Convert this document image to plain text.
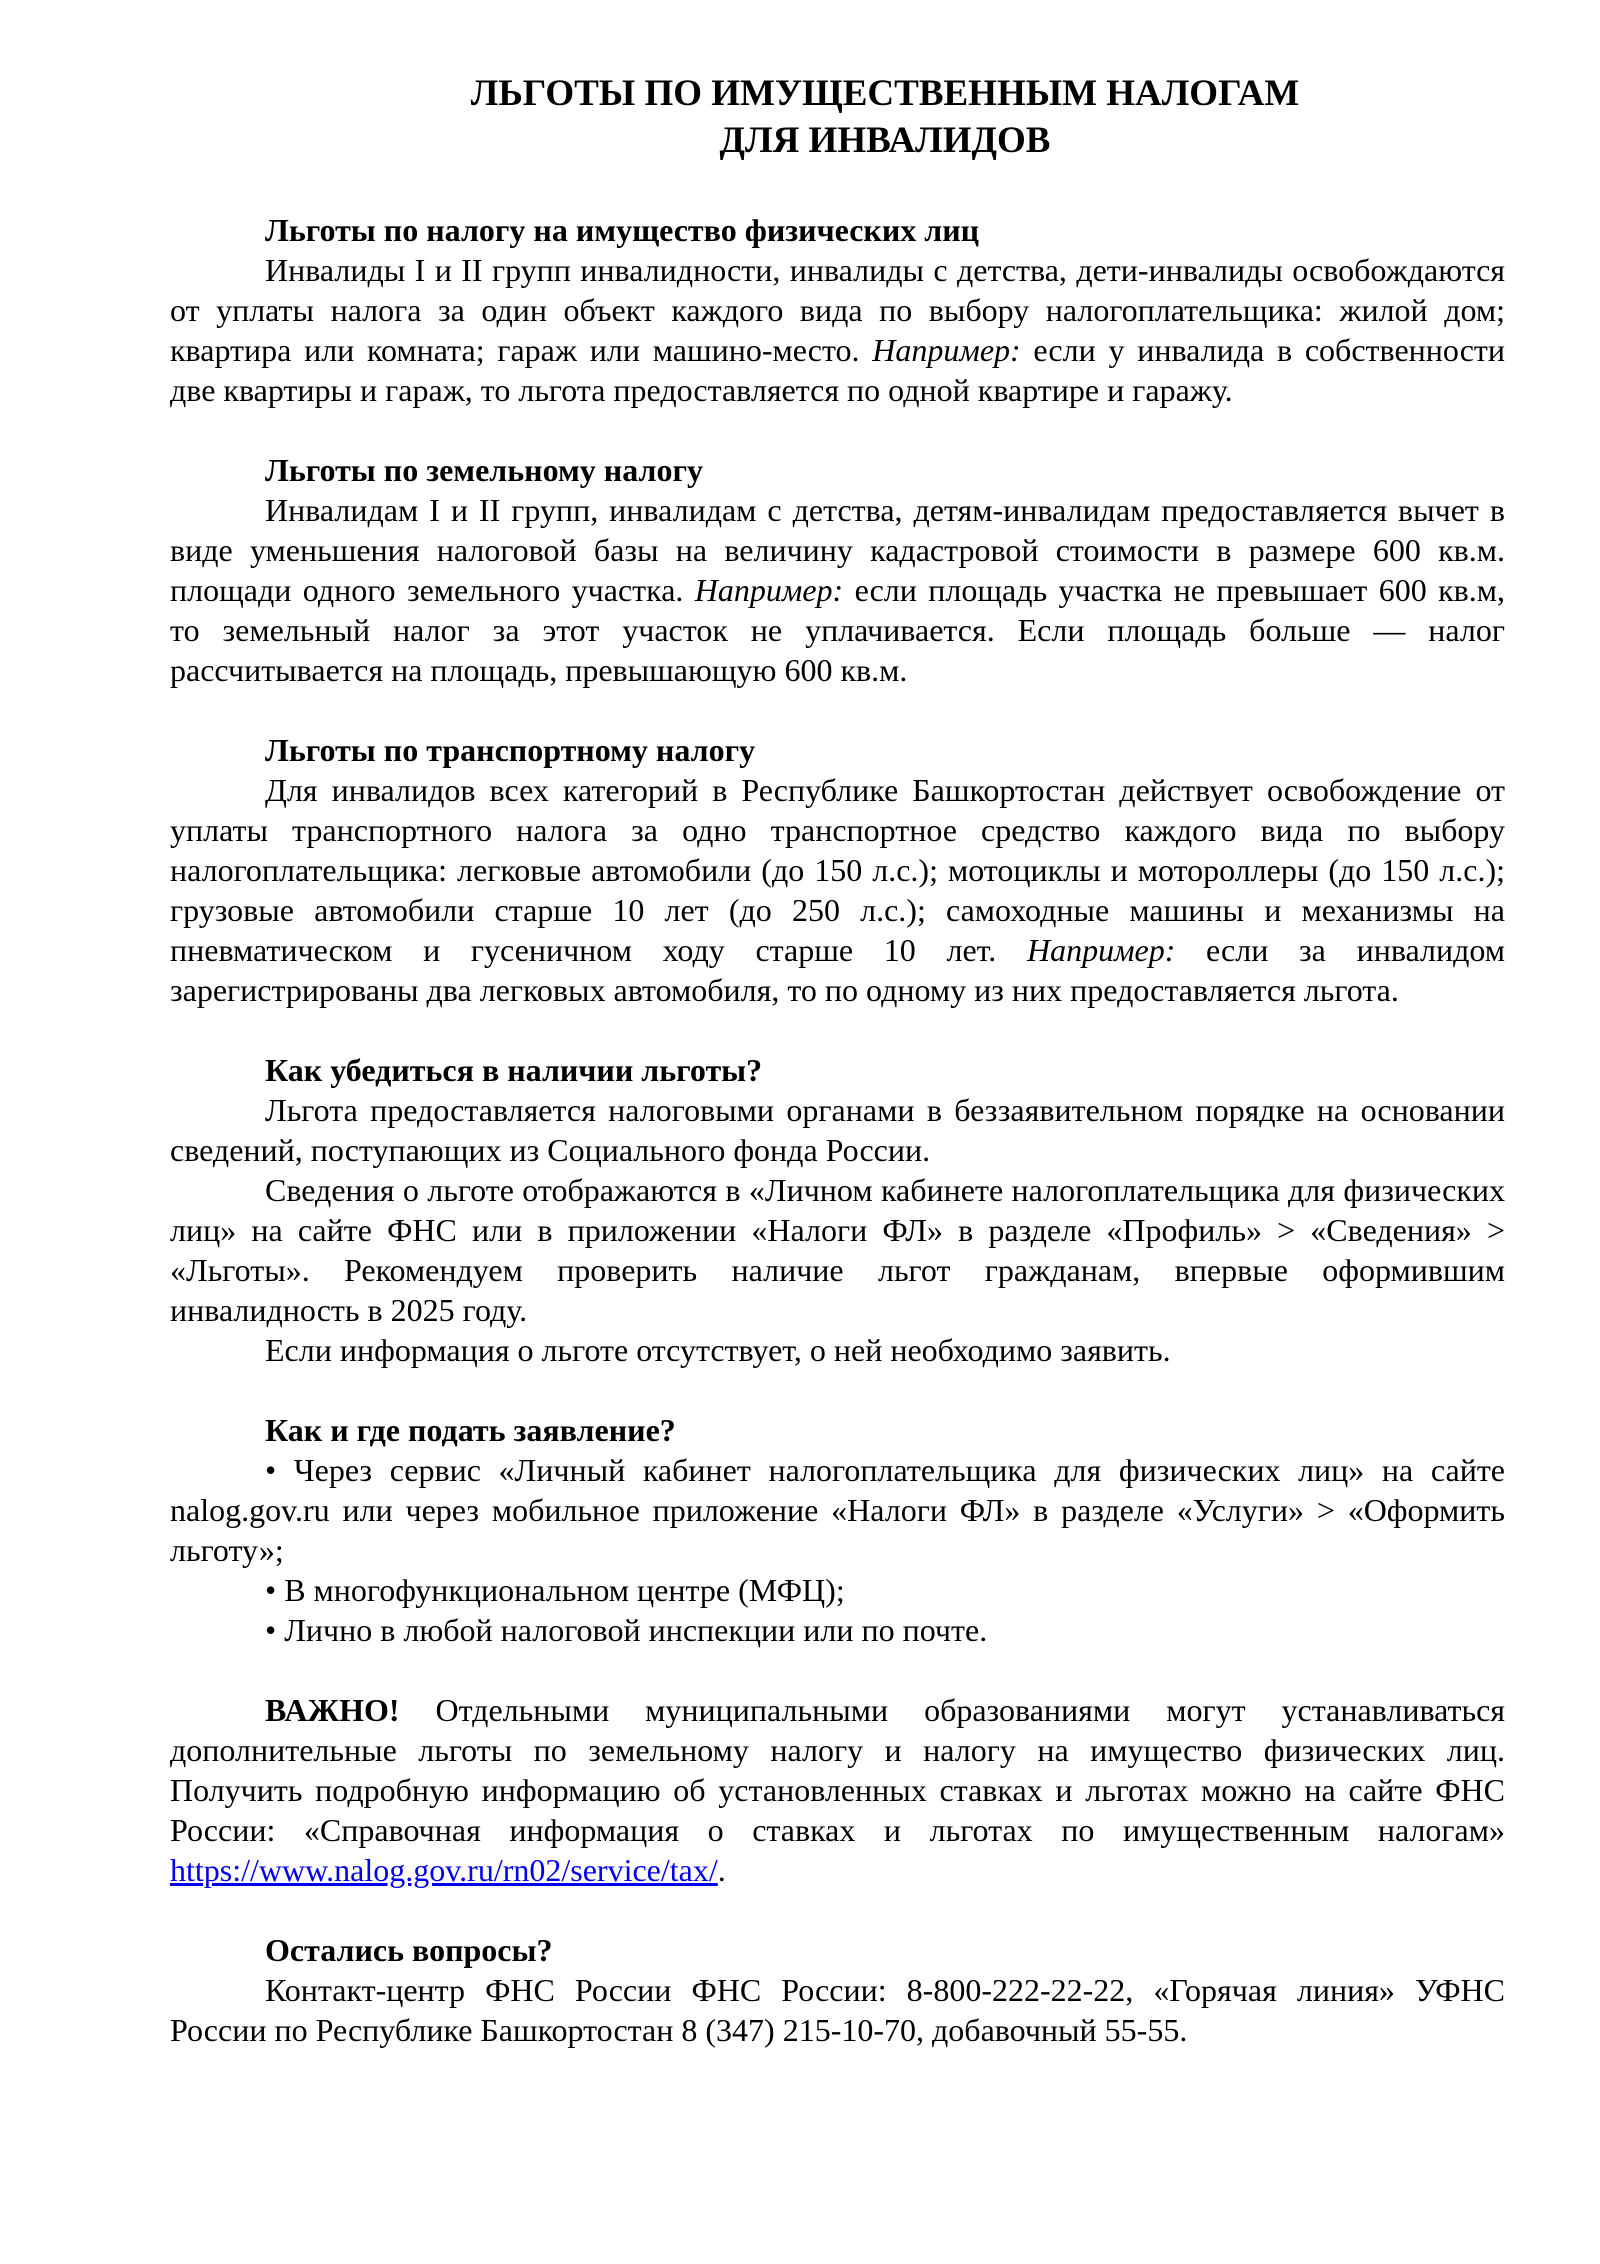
ЛЬГОТЫ ПО ИМУЩЕСТВЕННЫМ НАЛОГАМ
ДЛЯ ИНВАЛИДОВ

Льготы по налогу на имущество физических лиц

Инвалиды I и II групп инвалидности, инвалиды с детства, дети-инвалиды освобождаются от уплаты налога за один объект каждого вида по выбору налогоплательщика: жилой дом; квартира или комната; гараж или машино-место. Например: если у инвалида в собственности две квартиры и гараж, то льгота предоставляется по одной квартире и гаражу.

Льготы по земельному налогу

Инвалидам I и II групп, инвалидам с детства, детям-инвалидам предоставляется вычет в виде уменьшения налоговой базы на величину кадастровой стоимости в размере 600 кв.м. площади одного земельного участка. Например: если площадь участка не превышает 600 кв.м, то земельный налог за этот участок не уплачивается. Если площадь больше — налог рассчитывается на площадь, превышающую 600 кв.м.

Льготы по транспортному налогу

Для инвалидов всех категорий в Республике Башкортостан действует освобождение от уплаты транспортного налога за одно транспортное средство каждого вида по выбору налогоплательщика: легковые автомобили (до 150 л.с.); мотоциклы и мотороллеры (до 150 л.с.); грузовые автомобили старше 10 лет (до 250 л.с.); самоходные машины и механизмы на пневматическом и гусеничном ходу старше 10 лет. Например: если за инвалидом зарегистрированы два легковых автомобиля, то по одному из них предоставляется льгота.

Как убедиться в наличии льготы?

Льгота предоставляется налоговыми органами в беззаявительном порядке на основании сведений, поступающих из Социального фонда России.

Сведения о льготе отображаются в «Личном кабинете налогоплательщика для физических лиц» на сайте ФНС или в приложении «Налоги ФЛ» в разделе «Профиль» > «Сведения» > «Льготы». Рекомендуем проверить наличие льгот гражданам, впервые оформившим инвалидность в 2025 году.

Если информация о льготе отсутствует, о ней необходимо заявить.

Как и где подать заявление?

• Через сервис «Личный кабинет налогоплательщика для физических лиц» на сайте nalog.gov.ru или через мобильное приложение «Налоги ФЛ» в разделе «Услуги» > «Оформить льготу»;

• В многофункциональном центре (МФЦ);

• Лично в любой налоговой инспекции или по почте.

ВАЖНО! Отдельными муниципальными образованиями могут устанавливаться дополнительные льготы по земельному налогу и налогу на имущество физических лиц. Получить подробную информацию об установленных ставках и льготах можно на сайте ФНС России: «Справочная информация о ставках и льготах по имущественным налогам» https://www.nalog.gov.ru/rn02/service/tax/.

Остались вопросы?

Контакт-центр ФНС России ФНС России: 8-800-222-22-22, «Горячая линия» УФНС России по Республике Башкортостан 8 (347) 215-10-70, добавочный 55-55.
